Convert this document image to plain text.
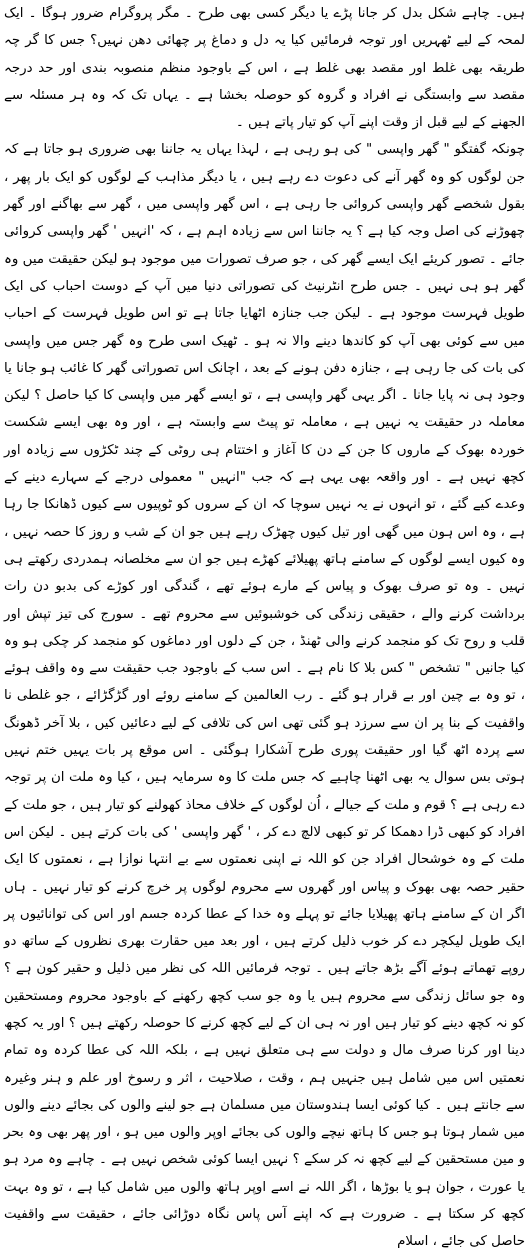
ہیں۔ چاہے شکل بدل کر جانا پڑے یا دیگر کسی بھی طرح ۔ مگر پروگرام ضرور ہوگا ۔ ایک لمحہ کے لیے ٹھہریں اور توجہ فرمائیں کیا یہ دل و دماغ پر چھائی دھن نہیں؟ جس کا گر چہ طریقہ بھی غلط اور مقصد بھی غلط ہے ، اس کے باوجود منظم منصوبہ بندی اور حد درجہ مقصد سے وابستگی نے افراد و گروہ کو حوصلہ بخشا ہے ۔ یہاں تک کہ وہ ہر مسئلہ سے الجھنے کے لیے قبل از وقت اپنے آپ کو تیار پاتے ہیں ۔

چونکہ گفتگو " گھر واپسی " کی ہو رہی ہے ، لہذا یہاں یہ جاننا بھی ضروری ہو جاتا ہے کہ جن لوگوں کو وہ گھر آنے کی دعوت دے رہے ہیں ، یا دیگر مذاہب کے لوگوں کو ایک بار پھر ، بقول شخصے گھر واپسی کروائی جا رہی ہے ، اس گھر واپسی میں ، گھر سے بھاگنے اور گھر چھوڑنے کی اصل وجہ کیا ہے ؟ یہ جاننا اس سے زیادہ اہم ہے ، کہ 'انہیں ' گھر واپسی کروائی جائے ۔ تصور کریئے ایک ایسے گھر کی ، جو صرف تصورات میں موجود ہو لیکن حقیقت میں وہ گھر ہو ہی نہیں ۔ جس طرح انٹرنیٹ کی تصوراتی دنیا میں آپ کے دوست احباب کی ایک طویل فہرست موجود ہے ۔ لیکن جب جنازہ اٹھایا جاتا ہے تو اس طویل فہرست کے احباب میں سے کوئی بھی آپ کو کاندھا دینے والا نہ ہو ۔ ٹھیک اسی طرح وہ گھر جس میں واپسی کی بات کی جا رہی ہے ، جنازہ دفن ہونے کے بعد ، اچانک اس تصوراتی گھر کا غائب ہو جانا یا وجود ہی نہ پایا جانا ۔ اگر یہی گھر واپسی ہے ، تو ایسے گھر میں واپسی کا کیا حاصل ؟ لیکن معاملہ در حقیقت یہ نہیں ہے ، معاملہ تو پیٹ سے وابستہ ہے ، اور وہ بھی ایسے شکست خوردہ بھوک کے ماروں کا جن کے دن کا آغاز و اختتام ہی روٹی کے چند ٹکڑوں سے زیادہ اور کچھ نہیں ہے ۔ اور واقعہ بھی یہی ہے کہ جب "انہیں " معمولی درجے کے سہارے دینے کے وعدے کیے گئے ، تو انہوں نے یہ نہیں سوچا کہ ان کے سروں کو ٹوپیوں سے کیوں ڈھانکا جا رہا ہے ، وہ اس ہون میں گھی اور تیل کیوں چھڑک رہے ہیں جو ان کے شب و روز کا حصہ نہیں ، وہ کیوں ایسے لوگوں کے سامنے ہاتھ پھیلائے کھڑے ہیں جو ان سے مخلصانہ ہمدردی رکھتے ہی نہیں ۔ وہ تو صرف بھوک و پیاس کے مارے ہوئے تھے ، گندگی اور کوڑے کی بدبو دن رات برداشت کرنے والے ، حقیقی زندگی کی خوشبوئیں سے محروم تھے ۔ سورج کی تیز تپش اور قلب و روح تک کو منجمد کرنے والی ٹھنڈ ، جن کے دلوں اور دماغوں کو منجمد کر چکی ہو وہ کیا جانیں " تشخص " کس بلا کا نام ہے ۔ اس سب کے باوجود جب حقیقت سے وہ واقف ہوئے ، تو وہ بے چین اور بے قرار ہو گئے ۔ رب العالمین کے سامنے روئے اور گڑگڑائے ، جو غلطی نا واقفیت کے بنا پر ان سے سرزد ہو گئی تھی اس کی تلافی کے لیے دعائیں کیں ، بلا آخر ڈھونگ سے پردہ اٹھ گیا اور حقیقت پوری طرح آشکارا ہوگئی ۔ اس موقع پر بات یہیں ختم نہیں ہوتی بس سوال یہ بھی اٹھنا چاہیے کہ جس ملت کا وہ سرمایہ ہیں ، کیا وہ ملت ان پر توجہ دے رہی ہے ؟ قوم و ملت کے جیالے ، اُن لوگوں کے خلاف محاذ کھولنے کو تیار ہیں ، جو ملت کے افراد کو کبھی ڈرا دھمکا کر تو کبھی لالچ دے کر ، ' گھر واپسی ' کی بات کرتے ہیں ۔ لیکن اس ملت کے وہ خوشحال افراد جن کو اللہ نے اپنی نعمتوں سے بے انتہا نوازا ہے ، نعمتوں کا ایک حقیر حصہ بھی بھوک و پیاس اور گھروں سے محروم لوگوں پر خرچ کرنے کو تیار نہیں ۔ ہاں اگر ان کے سامنے ہاتھ پھیلایا جائے تو پہلے وہ خدا کے عطا کردہ جسم اور اس کی توانائیوں پر ایک طویل لیکچر دے کر خوب ذلیل کرتے ہیں ، اور بعد میں حقارت بھری نظروں کے ساتھ دو روپے تھماتے ہوئے آگے بڑھ جاتے ہیں ۔ توجہ فرمائیں اللہ کی نظر میں ذلیل و حقیر کون ہے ؟ وہ جو سائل زندگی سے محروم ہیں یا وہ جو سب کچھ رکھنے کے باوجود محروم ومستحقین کو نہ کچھ دینے کو تیار ہیں اور نہ ہی ان کے لیے کچھ کرنے کا حوصلہ رکھتے ہیں ؟ اور یہ کچھ دینا اور کرنا صرف مال و دولت سے ہی متعلق نہیں ہے ، بلکہ اللہ کی عطا کردہ وہ تمام نعمتیں اس میں شامل ہیں جنہیں ہم ، وقت ، صلاحیت ، اثر و رسوخ اور علم و ہنر وغیرہ سے جانتے ہیں ۔ کیا کوئی ایسا ہندوستان میں مسلمان ہے جو لینے والوں کی بجائے دینے والوں میں شمار ہوتا ہو جس کا ہاتھ نیچے والوں کی بجائے اوپر والوں میں ہو ، اور پھر بھی وہ بحر و مین مستحقین کے لیے کچھ نہ کر سکے ؟ نہیں ایسا کوئی شخص نہیں ہے ۔ چاہے وہ مرد ہو یا عورت ، جوان ہو یا بوڑھا ، اگر اللہ نے اسے اوپر ہاتھ والوں میں شامل کیا ہے ، تو وہ بہت کچھ کر سکتا ہے ۔ ضرورت ہے کہ اپنے آس پاس نگاہ دوڑائی جائے ، حقیقت سے واقفیت حاصل کی جائے ، اسلام
